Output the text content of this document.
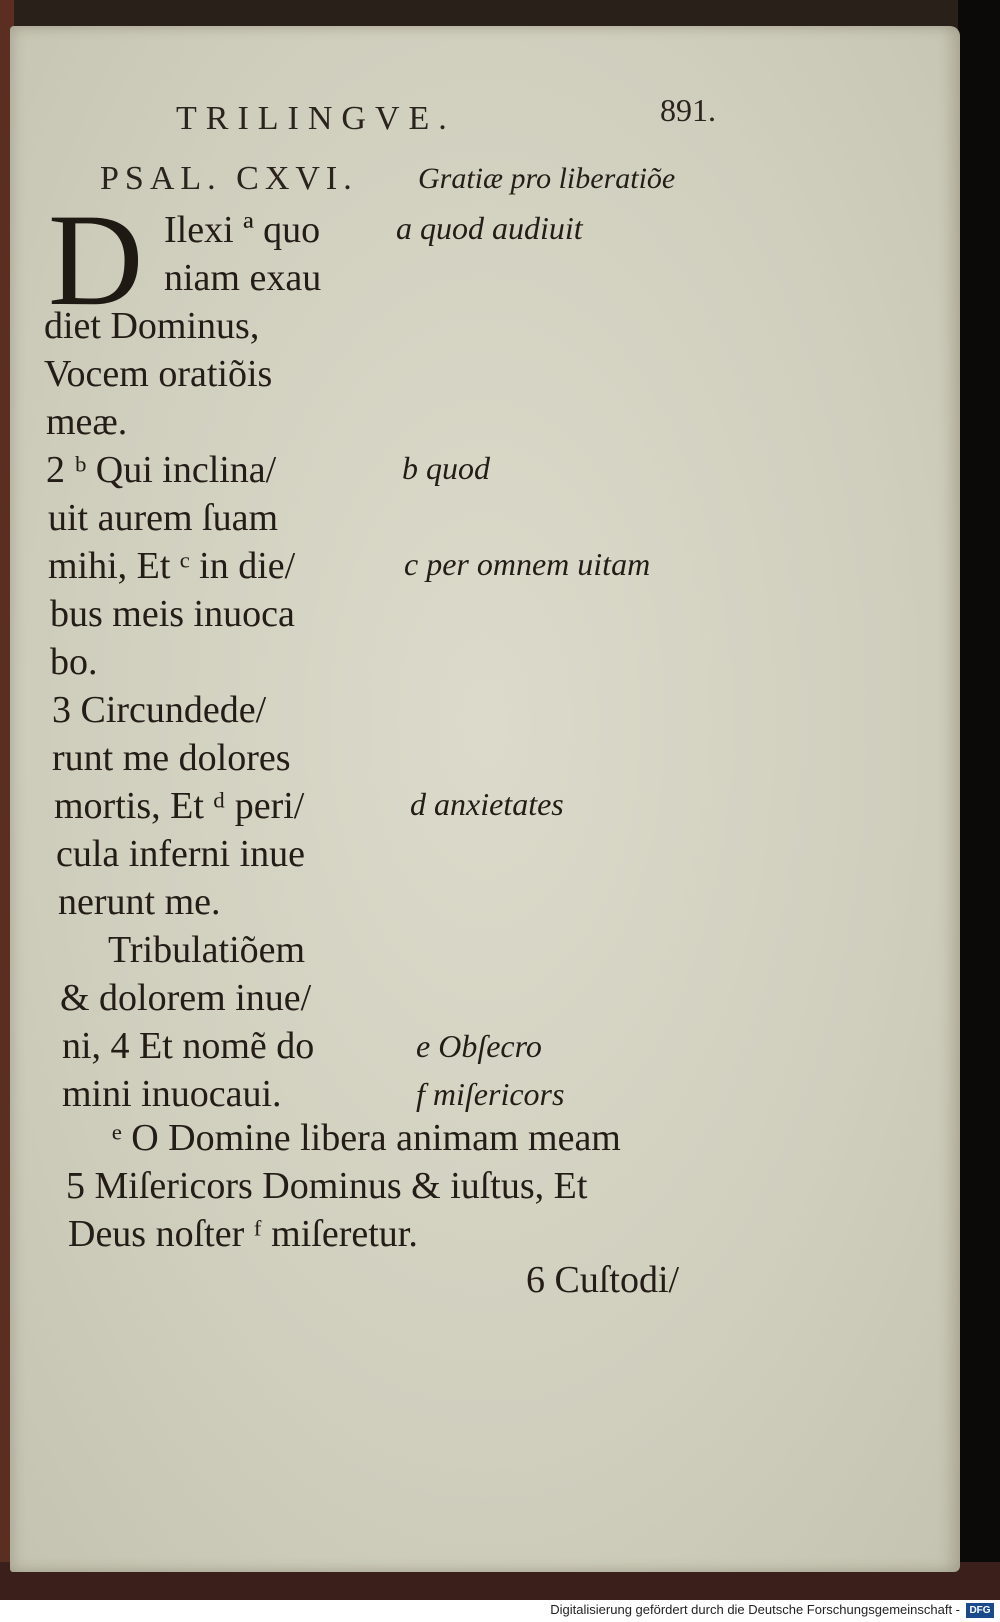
TRILINGVE.	891.
PSAL. CXVI. Gratiæ pro liberatiõe
D Ilexi ª quo
niam exau
diet Dominus,
Vocem oratiõis
meæ.
2 ᵇ Qui inclina/
uit aurem ſuam
mihi, Et ᶜ in die/
bus meis inuoca
bo.
3 Circundede/
runt me dolores
mortis, Et ᵈ peri/
cula inferni inue
nerunt me.
Tribulatiõem
& dolorem inue/
ni, 4 Et nomẽ do
mini inuocaui.
a quod audiuit
b quod
c per omnem uitam
d anxietates
e Obſecro
f miſericors
ᵉ O Domine libera animam meam
5 Miſericors Dominus & iuſtus, Et
Deus noſter ᶠ miſeretur.
6 Cuſtodi/
Digitalisierung gefördert durch die Deutsche Forschungsgemeinschaft - DFG
